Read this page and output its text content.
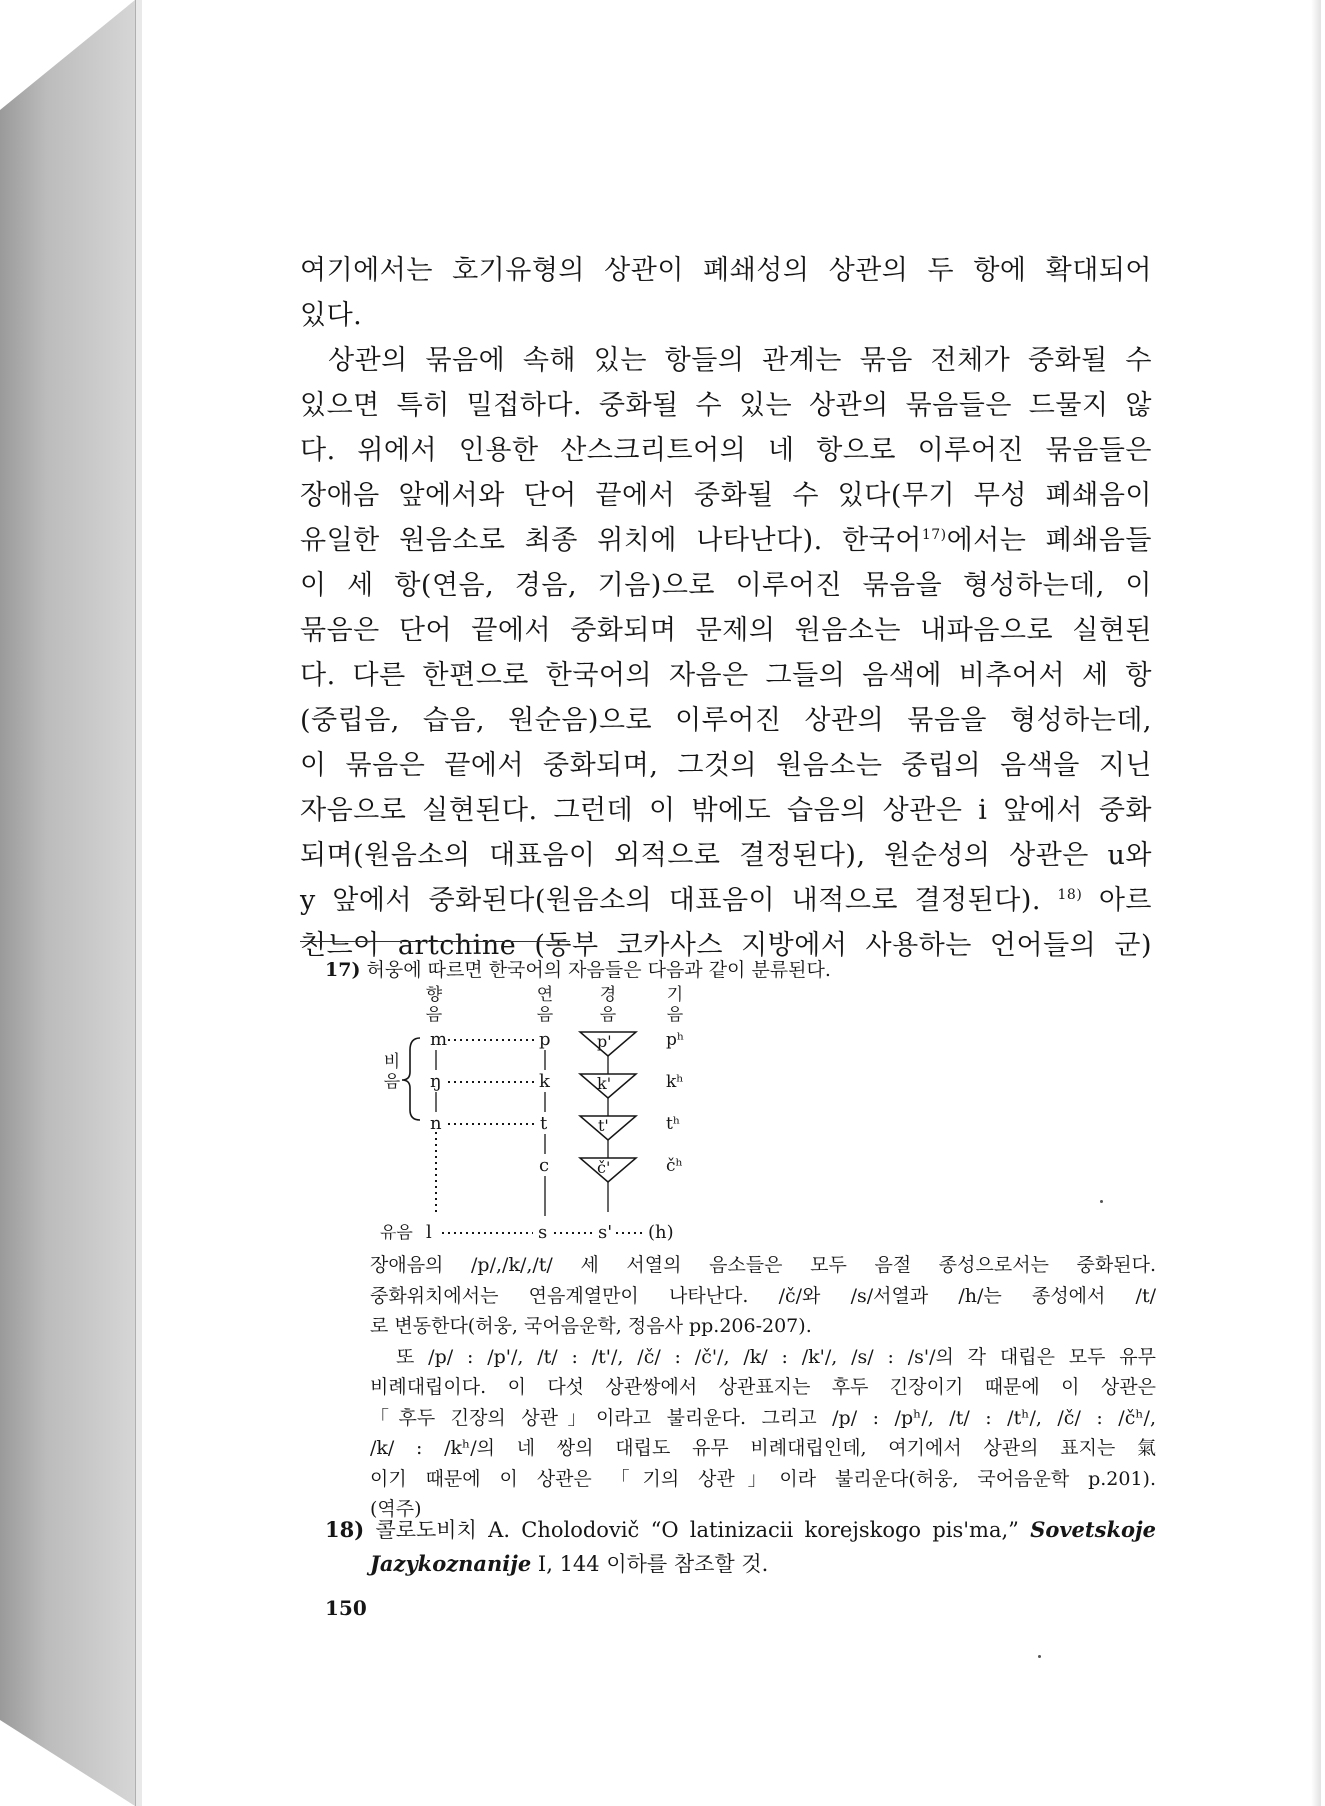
여기에서는 호기유형의 상관이 폐쇄성의 상관의 두 항에 확대되어
있다.
상관의 묶음에 속해 있는 항들의 관계는 묶음 전체가 중화될 수
있으면 특히 밀접하다. 중화될 수 있는 상관의 묶음들은 드물지 않
다. 위에서 인용한 산스크리트어의 네 항으로 이루어진 묶음들은
장애음 앞에서와 단어 끝에서 중화될 수 있다(무기 무성 폐쇄음이
유일한 원음소로 최종 위치에 나타난다). 한국어$^{17)}$에서는 폐쇄음들
이 세 항(연음, 경음, 기음)으로 이루어진 묶음을 형성하는데, 이
묶음은 단어 끝에서 중화되며 문제의 원음소는 내파음으로 실현된
다. 다른 한편으로 한국어의 자음은 그들의 음색에 비추어서 세 항
(중립음, 습음, 원순음)으로 이루어진 상관의 묶음을 형성하는데,
이 묶음은 끝에서 중화되며, 그것의 원음소는 중립의 음색을 지닌
자음으로 실현된다. 그런데 이 밖에도 습음의 상관은 i 앞에서 중화
되며(원음소의 대표음이 외적으로 결정된다), 원순성의 상관은 u와
y 앞에서 중화된다(원음소의 대표음이 내적으로 결정된다). $^{18)}$ 아르
친느어 artchine (동부 코카사스 지방에서 사용하는 언어들의 군)
17) 허웅에 따르면 한국어의 자음들은 다음과 같이 분류된다.
향
음
연
음
경
음
기
음
비
음
m
ŋ
n
p
k
t
c
p'
k'
t'
č'
pʰ
kʰ
tʰ
čʰ
유음 l	s	s' (h)
장애음의 /p/,/k/,/t/ 세 서열의 음소들은 모두 음절 종성으로서는 중화된다.
중화위치에서는 연음계열만이 나타난다. /č/와 /s/서열과 /h/는 종성에서 /t/
로 변동한다(허웅, 국어음운학, 정음사 pp.206-207).
또 /p/ : /p'/, /t/ : /t'/, /č/ : /č'/, /k/ : /k'/, /s/ : /s'/의 각 대립은 모두 유무
비례대립이다. 이 다섯 상관쌍에서 상관표지는 후두 긴장이기 때문에 이 상관은
「후두 긴장의 상관」이라고 불리운다. 그리고 /p/ : /pʰ/, /t/ : /tʰ/, /č/ : /čʰ/,
/k/ : /kʰ/의 네 쌍의 대립도 유무 비례대립인데, 여기에서 상관의 표지는 氣
이기 때문에 이 상관은 「기의 상관」이라 불리운다(허웅, 국어음운학 p.201).
(역주)
18) 콜로도비치 A. Cholodovič “O latinizacii korejskogo pis'ma,” Sovetskoje
Jazykoznanije Ⅰ, 144 이하를 참조할 것.
150
